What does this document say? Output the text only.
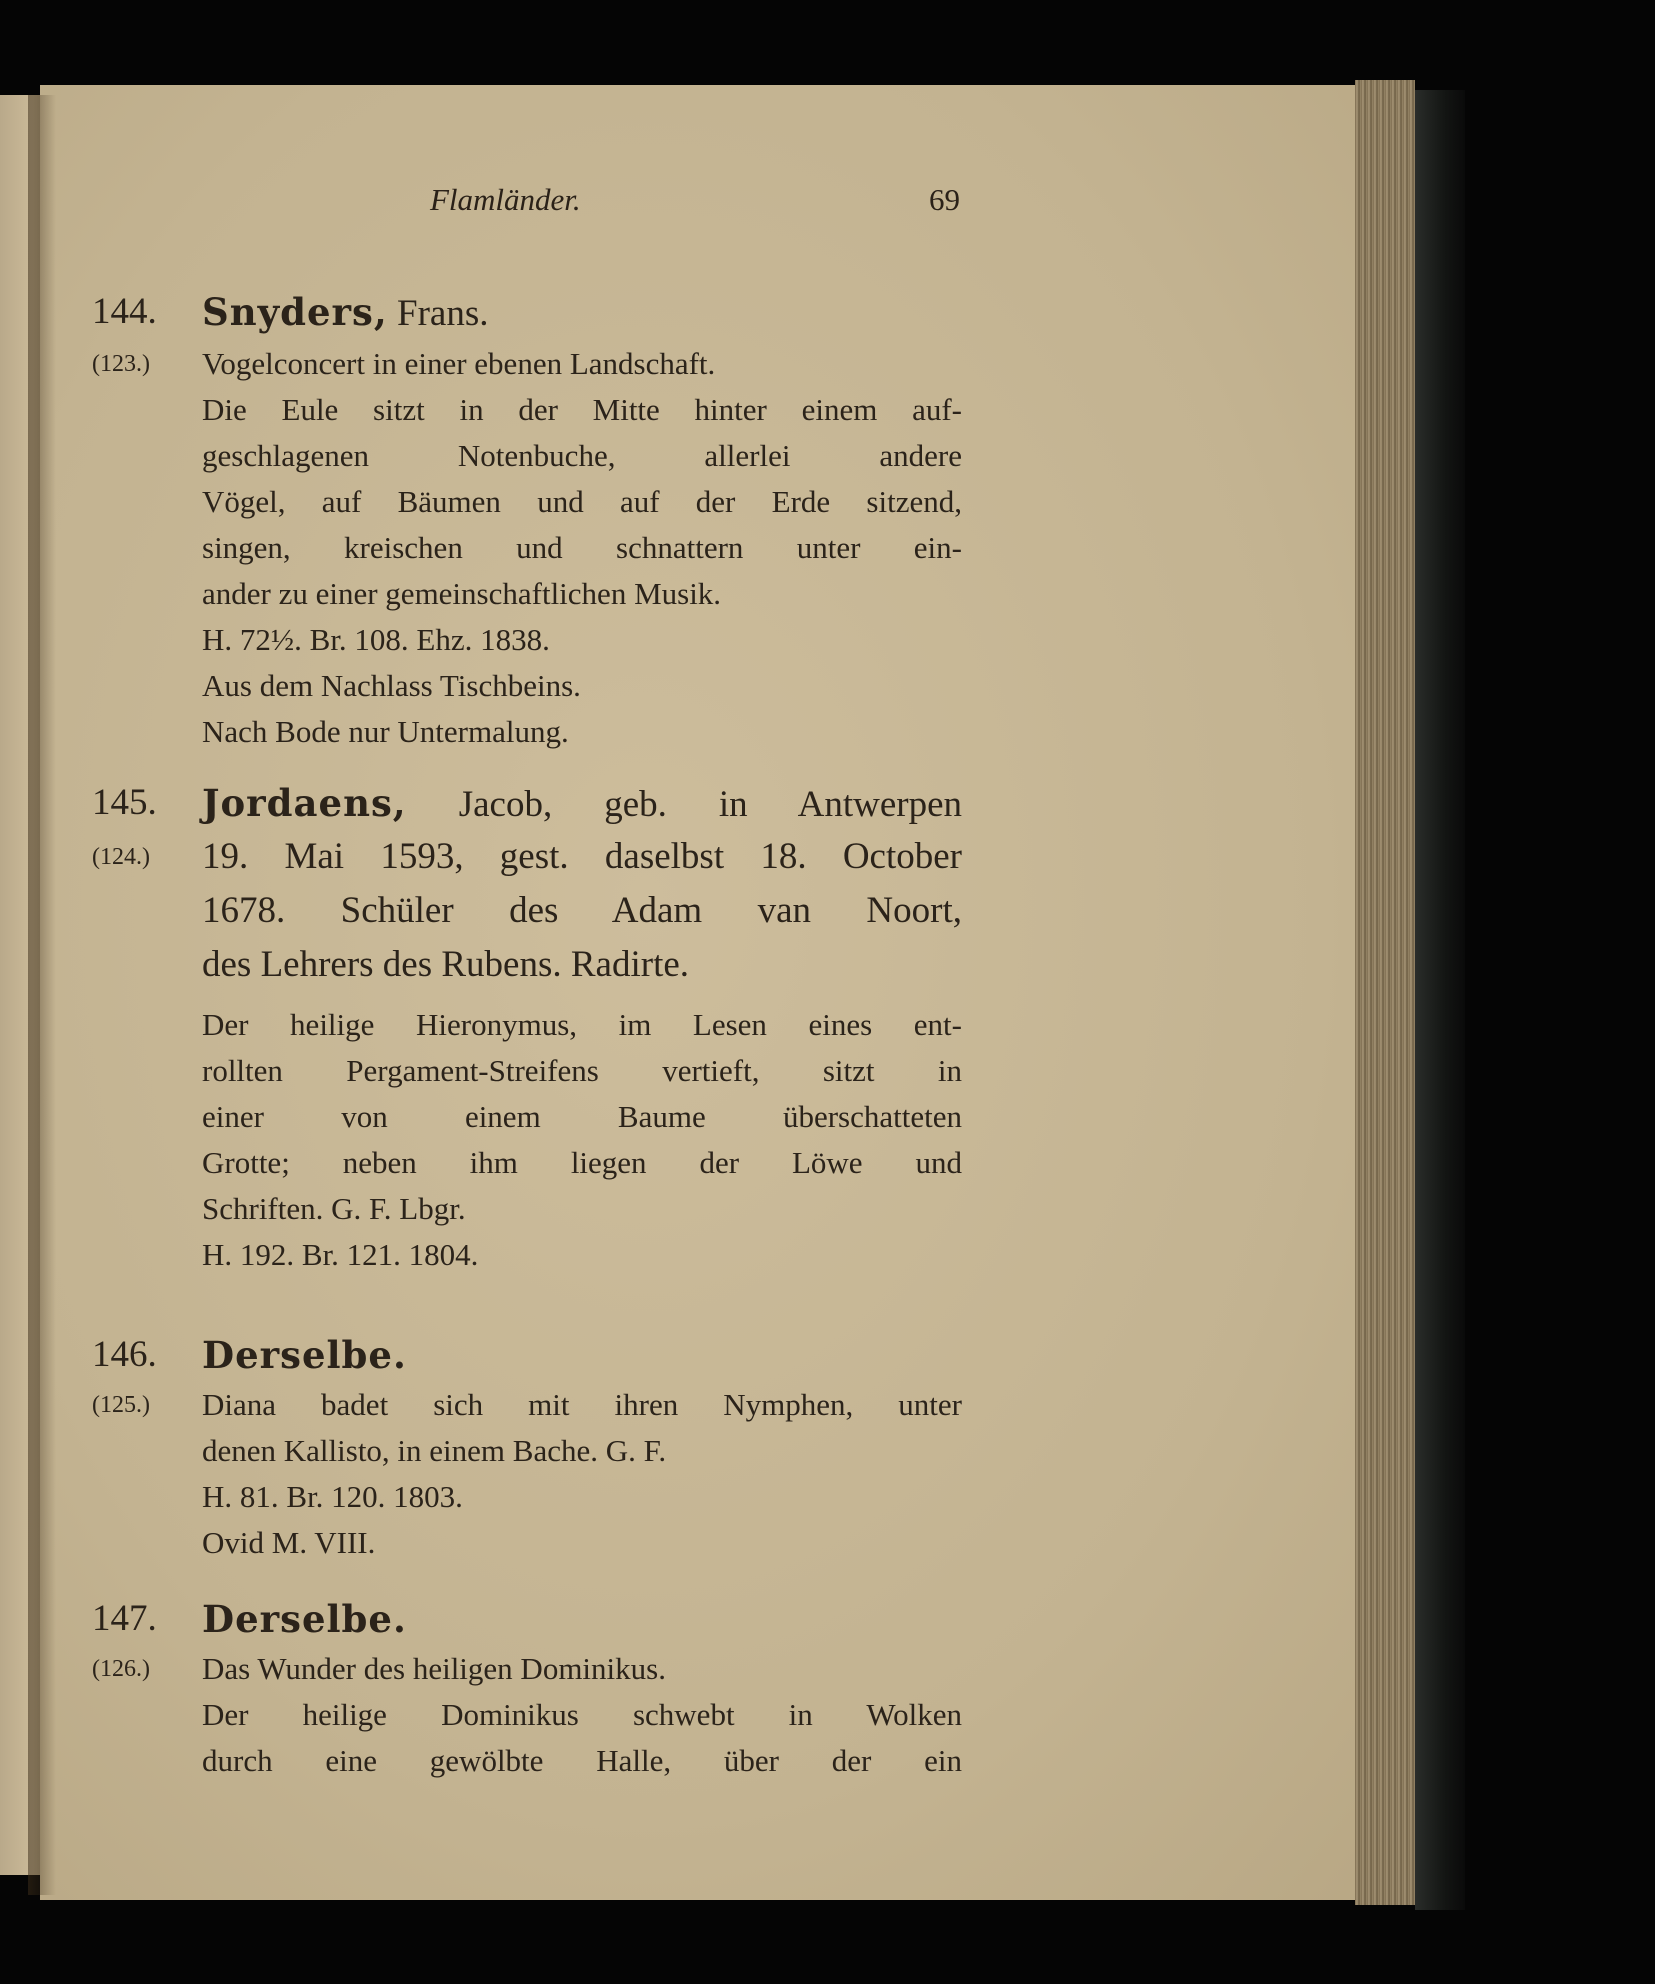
Flamländer.	69
144. Snyders, Frans.
(123.) Vogelconcert in einer ebenen Landschaft.
Die Eule sitzt in der Mitte hinter einem auf-
geschlagenen Notenbuche, allerlei andere
Vögel, auf Bäumen und auf der Erde sitzend,
singen, kreischen und schnattern unter ein-
ander zu einer gemeinschaftlichen Musik.
H. 72½. Br. 108. Ehz. 1838.
Aus dem Nachlass Tischbeins.
Nach Bode nur Untermalung.
145. Jordaens, Jacob, geb. in Antwerpen
(124.) 19. Mai 1593, gest. daselbst 18. October
1678. Schüler des Adam van Noort,
des Lehrers des Rubens. Radirte.
Der heilige Hieronymus, im Lesen eines ent-
rollten Pergament-Streifens vertieft, sitzt in
einer von einem Baume überschatteten
Grotte; neben ihm liegen der Löwe und
Schriften. G. F. Lbgr.
H. 192. Br. 121. 1804.
146. Derselbe.
(125.) Diana badet sich mit ihren Nymphen, unter
denen Kallisto, in einem Bache. G. F.
H. 81. Br. 120. 1803.
Ovid M. VIII.
147. Derselbe.
(126.) Das Wunder des heiligen Dominikus.
Der heilige Dominikus schwebt in Wolken
durch eine gewölbte Halle, über der ein
